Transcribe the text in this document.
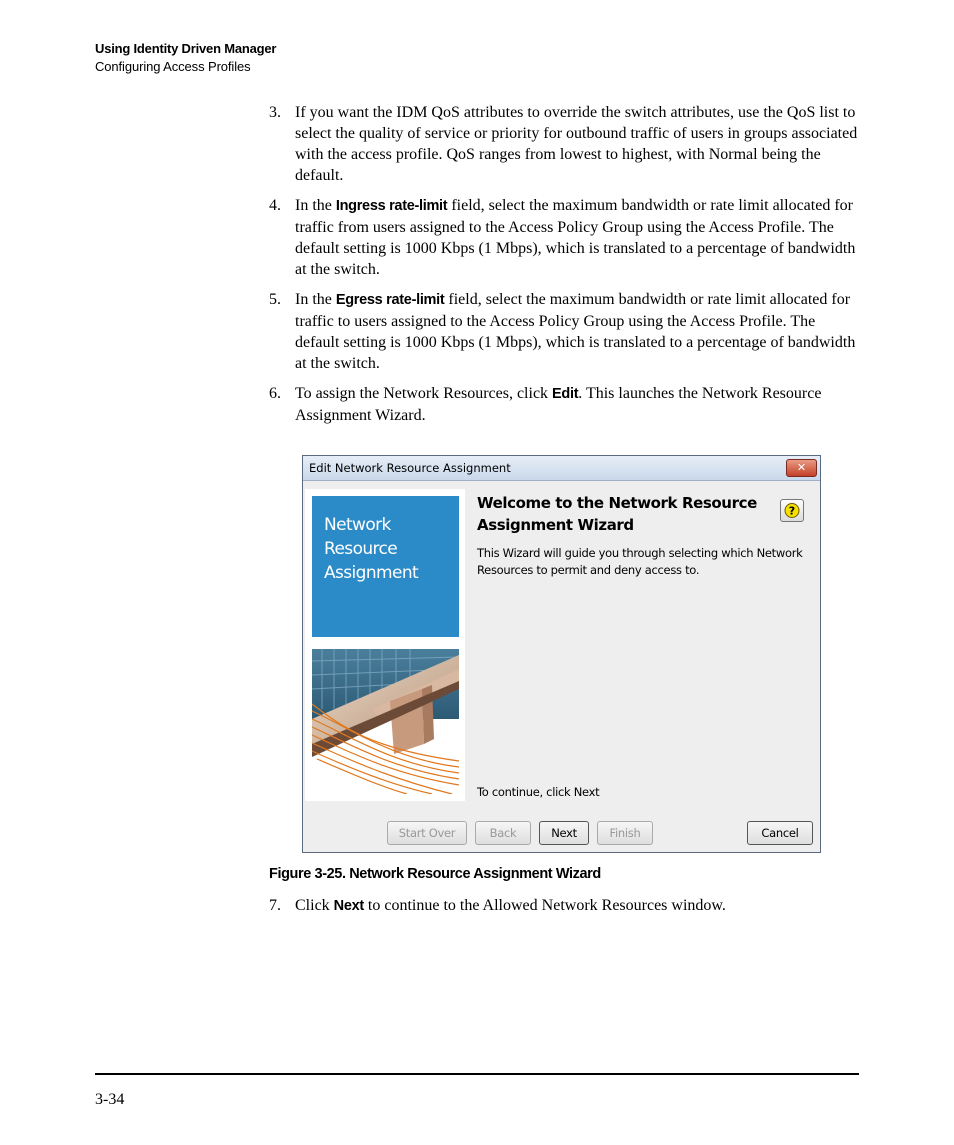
Using Identity Driven Manager
Configuring Access Profiles
3. If you want the IDM QoS attributes to override the switch attributes, use the QoS list to select the quality of service or priority for outbound traffic of users in groups associated with the access profile. QoS ranges from lowest to highest, with Normal being the default.
4. In the Ingress rate-limit field, select the maximum bandwidth or rate limit allocated for traffic from users assigned to the Access Policy Group using the Access Profile. The default setting is 1000 Kbps (1 Mbps), which is translated to a percentage of bandwidth at the switch.
5. In the Egress rate-limit field, select the maximum bandwidth or rate limit allocated for traffic to users assigned to the Access Policy Group using the Access Profile. The default setting is 1000 Kbps (1 Mbps), which is translated to a percentage of bandwidth at the switch.
6. To assign the Network Resources, click Edit. This launches the Network Resource Assignment Wizard.
Edit Network Resource Assignment	✕
Network
Resource
Assignment
Welcome to the Network Resource Assignment Wizard
?
This Wizard will guide you through selecting which Network Resources to permit and deny access to.
To continue, click Next
Start Over	Back	Next	Finish	Cancel
Figure 3-25. Network Resource Assignment Wizard
7. Click Next to continue to the Allowed Network Resources window.
3-34
